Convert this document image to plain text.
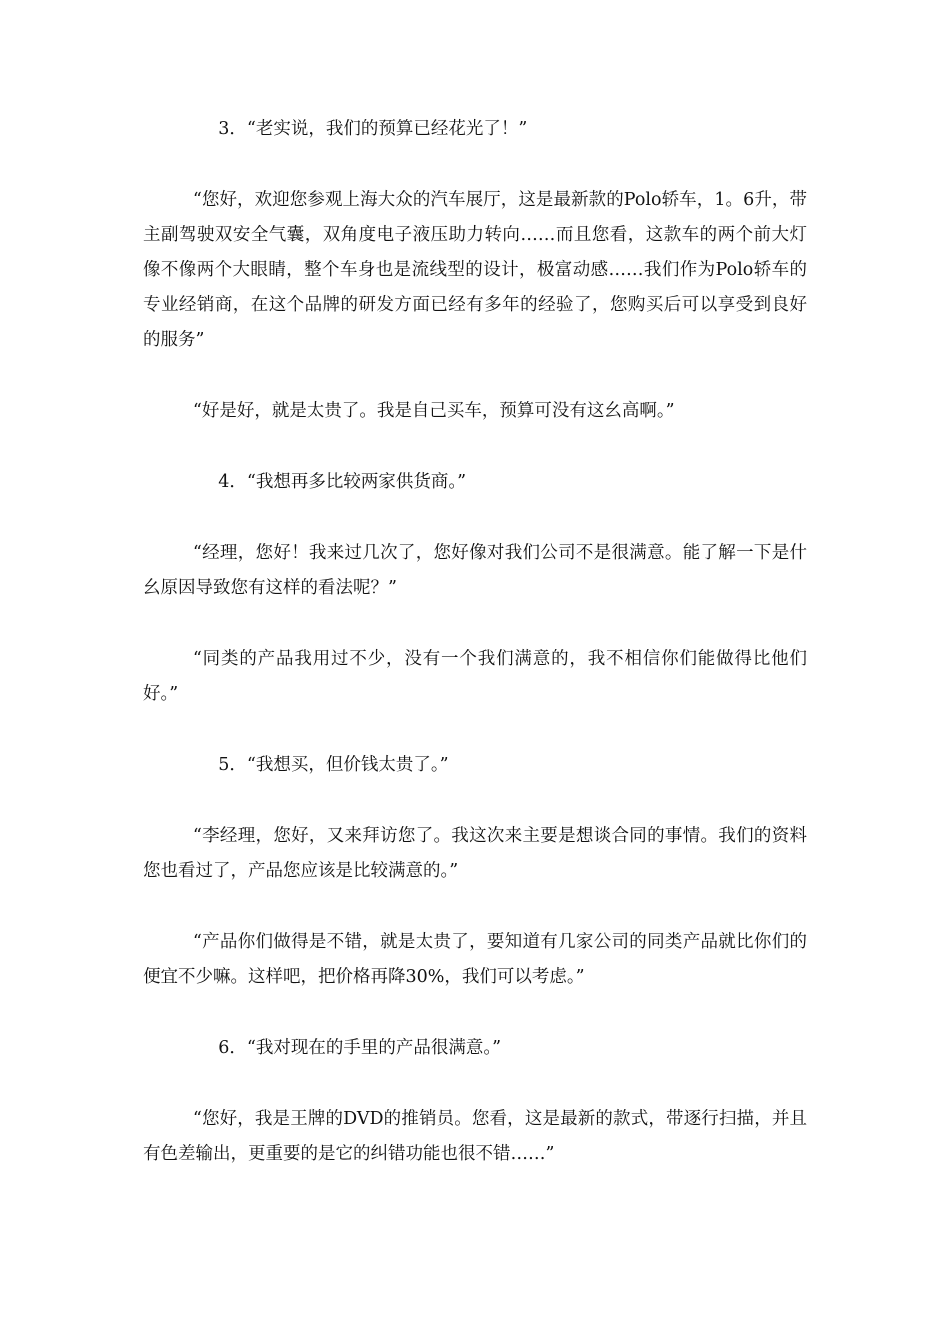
3．“老实说，我们的预算已经花光了！”

“您好，欢迎您参观上海大众的汽车展厅，这是最新款的Polo轿车，1。6升，带主副驾驶双安全气囊，双角度电子液压助力转向……而且您看，这款车的两个前大灯像不像两个大眼睛，整个车身也是流线型的设计，极富动感……我们作为Polo轿车的专业经销商，在这个品牌的研发方面已经有多年的经验了，您购买后可以享受到良好的服务”

“好是好，就是太贵了。我是自己买车，预算可没有这幺高啊。”

4．“我想再多比较两家供货商。”

“经理，您好！我来过几次了，您好像对我们公司不是很满意。能了解一下是什幺原因导致您有这样的看法呢？”

“同类的产品我用过不少，没有一个我们满意的，我不相信你们能做得比他们好。”

5．“我想买，但价钱太贵了。”

“李经理，您好，又来拜访您了。我这次来主要是想谈合同的事情。我们的资料您也看过了，产品您应该是比较满意的。”

“产品你们做得是不错，就是太贵了，要知道有几家公司的同类产品就比你们的便宜不少嘛。这样吧，把价格再降30%，我们可以考虑。”

6．“我对现在的手里的产品很满意。”

“您好，我是王牌的DVD的推销员。您看，这是最新的款式，带逐行扫描，并且有色差输出，更重要的是它的纠错功能也很不错……”
